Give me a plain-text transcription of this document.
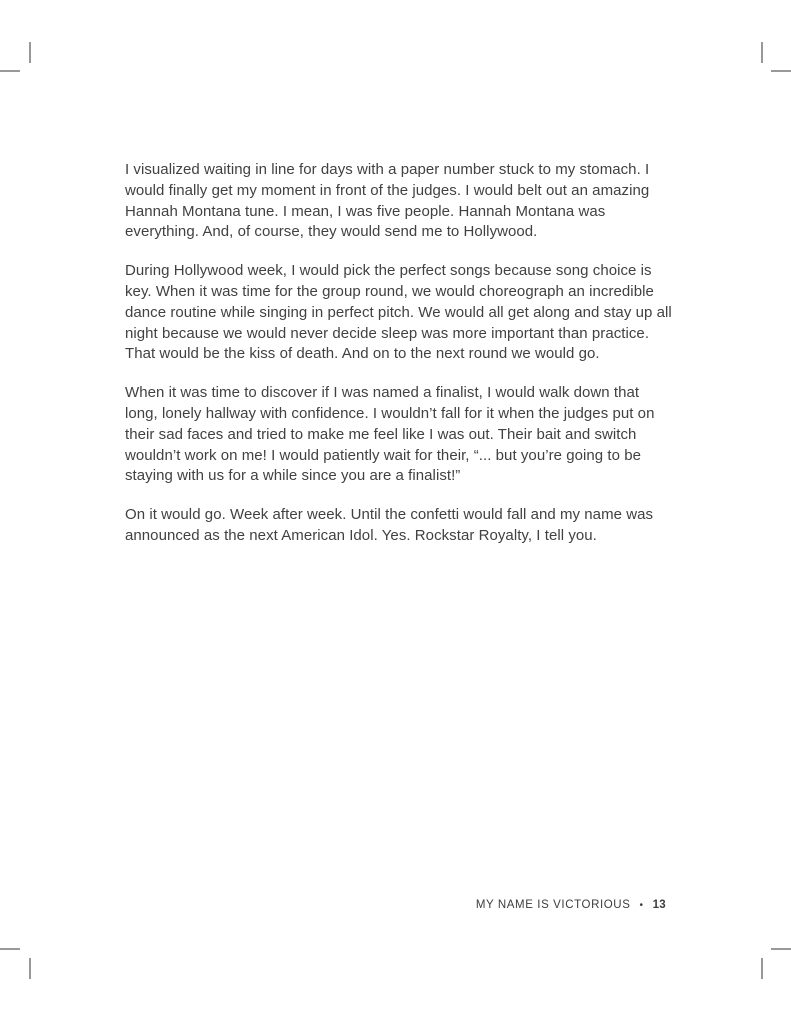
I visualized waiting in line for days with a paper number stuck to my stomach. I would finally get my moment in front of the judges. I would belt out an amazing Hannah Montana tune. I mean, I was five people. Hannah Montana was everything. And, of course, they would send me to Hollywood.

During Hollywood week, I would pick the perfect songs because song choice is key. When it was time for the group round, we would choreograph an incredible dance routine while singing in perfect pitch. We would all get along and stay up all night because we would never decide sleep was more important than practice. That would be the kiss of death. And on to the next round we would go.

When it was time to discover if I was named a finalist, I would walk down that long, lonely hallway with confidence. I wouldn’t fall for it when the judges put on their sad faces and tried to make me feel like I was out. Their bait and switch wouldn’t work on me! I would patiently wait for their, “... but you’re going to be staying with us for a while since you are a finalist!”

On it would go. Week after week. Until the confetti would fall and my name was announced as the next American Idol. Yes. Rockstar Royalty, I tell you.

MY NAME IS VICTORIOUS • 13
